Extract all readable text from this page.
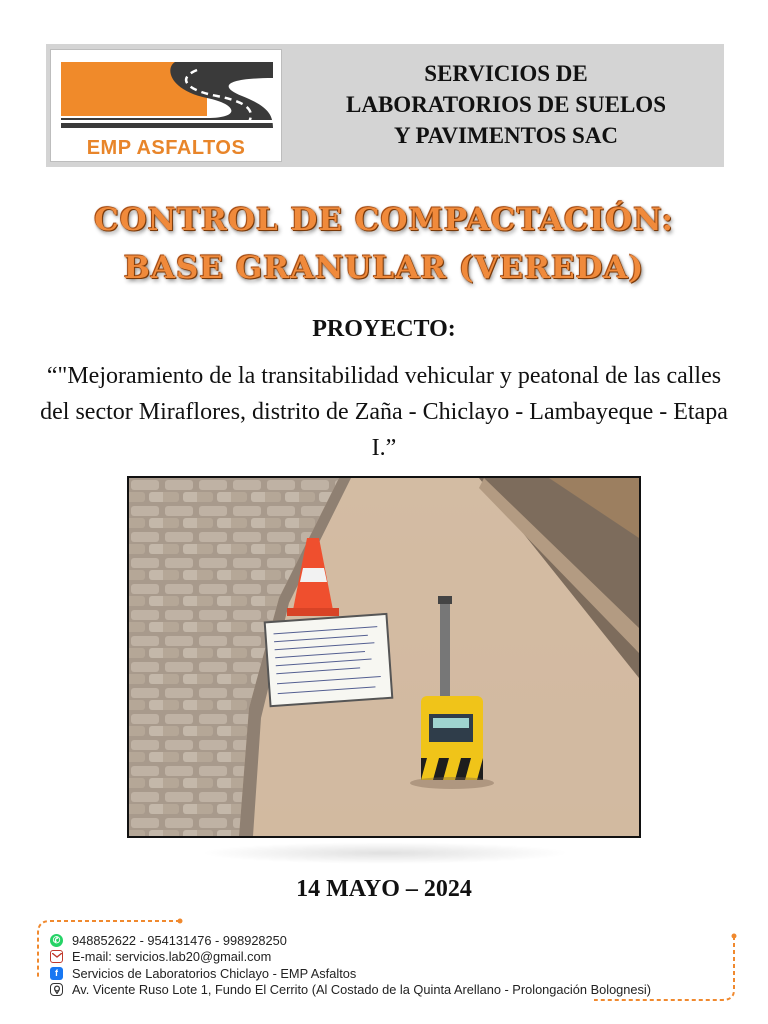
EMP ASFALTOS
SERVICIOS DE
LABORATORIOS DE SUELOS
Y PAVIMENTOS SAC
CONTROL DE COMPACTACIÓN:
BASE GRANULAR (VEREDA)
PROYECTO:
“"Mejoramiento de la transitabilidad vehicular y peatonal de las calles del sector Miraflores, distrito de Zaña - Chiclayo - Lambayeque - Etapa I.”
14 MAYO – 2024
✆ 948852622 - 954131476 - 998928250
E-mail: servicios.lab20@gmail.com
f	Servicios de Laboratorios Chiclayo - EMP Asfaltos
Av. Vicente Ruso Lote 1, Fundo El Cerrito (Al Costado de la Quinta Arellano - Prolongación Bolognesi)
